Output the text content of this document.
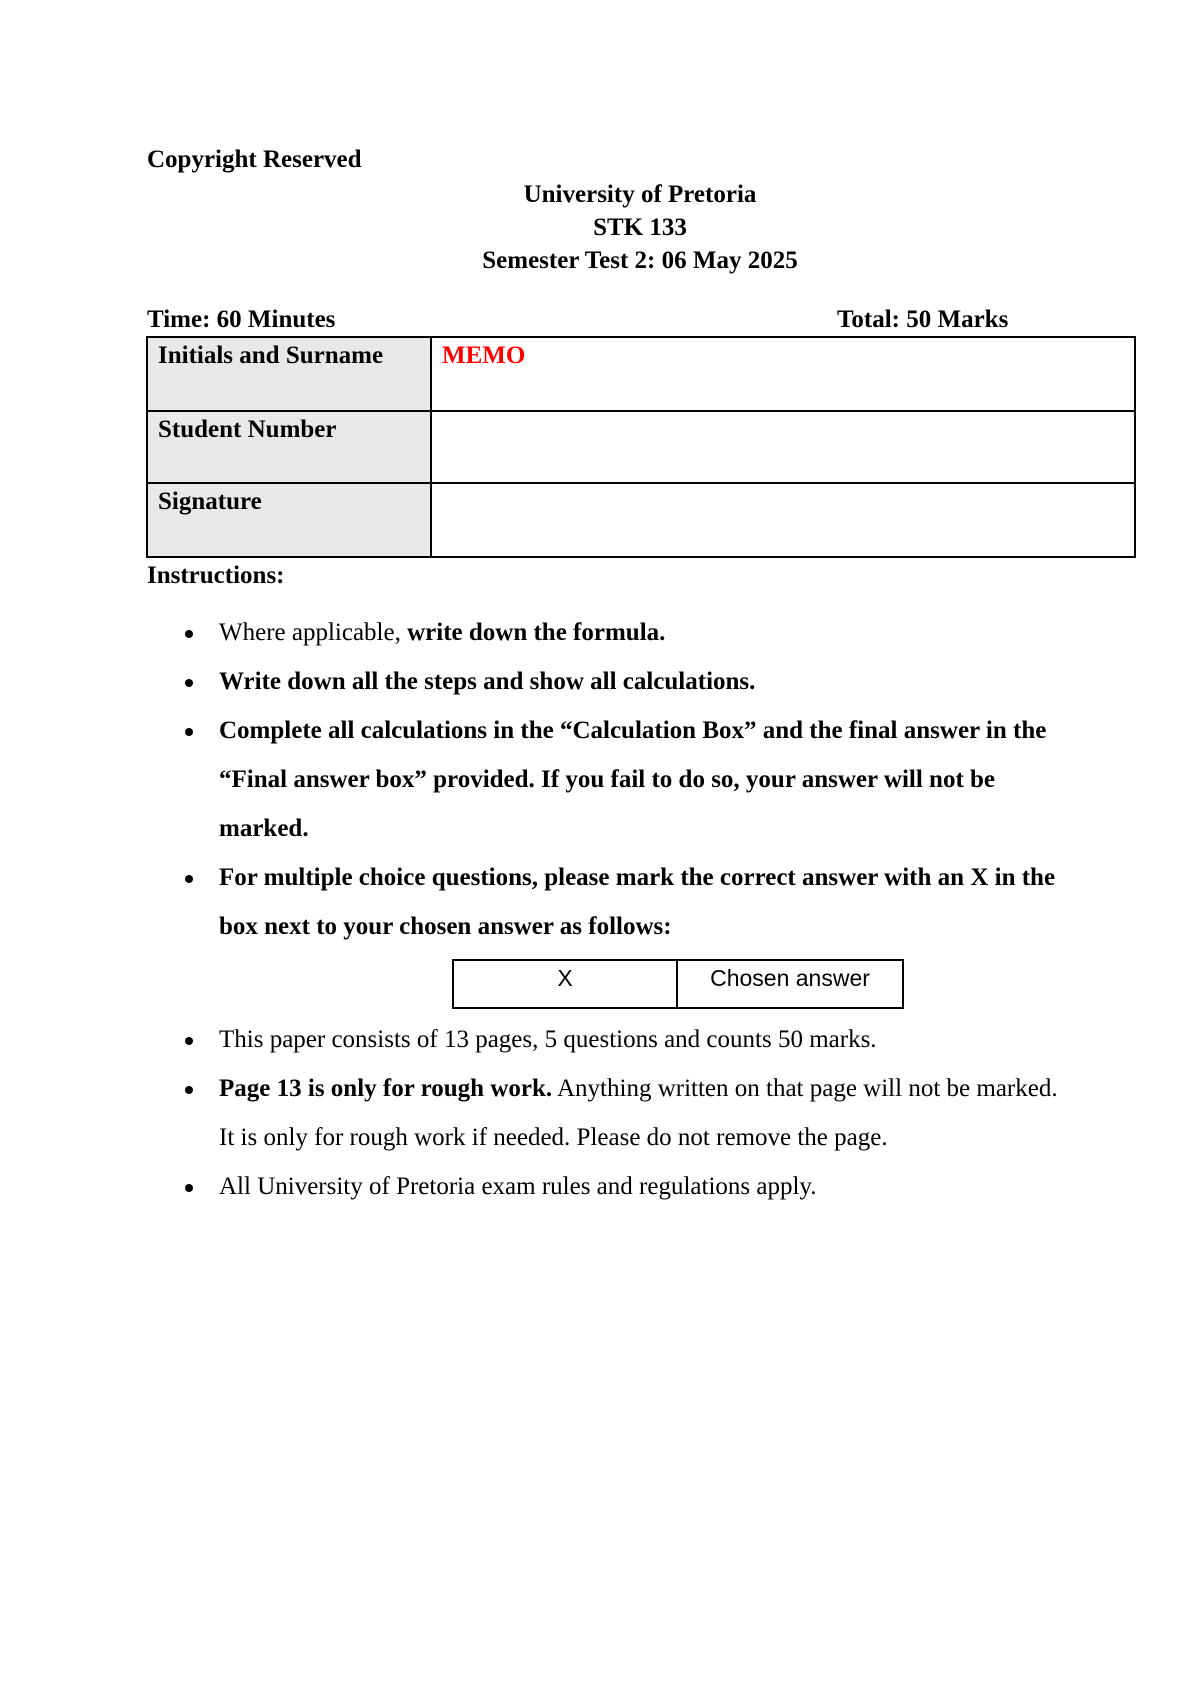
Copyright Reserved
University of Pretoria
STK 133
Semester Test 2: 06 May 2025
Time: 60 Minutes	Total: 50 Marks
Initials and Surname	MEMO
Student Number	
Signature	
Instructions:
Where applicable, write down the formula.
Write down all the steps and show all calculations.
Complete all calculations in the “Calculation Box” and the final answer in the “Final answer box” provided. If you fail to do so, your answer will not be marked.
For multiple choice questions, please mark the correct answer with an X in the box next to your chosen answer as follows:
X	Chosen answer
This paper consists of 13 pages, 5 questions and counts 50 marks.
Page 13 is only for rough work. Anything written on that page will not be marked. It is only for rough work if needed. Please do not remove the page.
All University of Pretoria exam rules and regulations apply.
